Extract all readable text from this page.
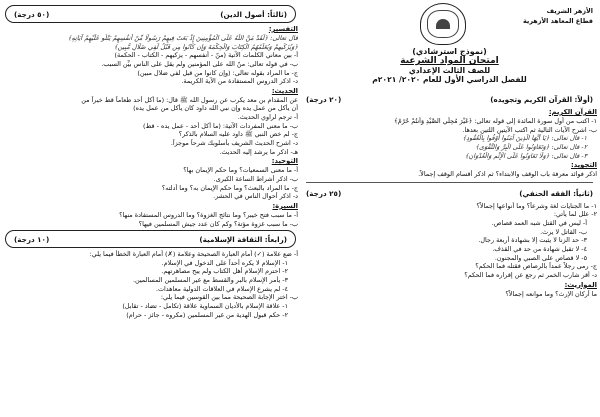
الأزهر الشريف

قطاع المعاهد الأزهرية

(نموذج استرشادي)

امتحان المواد الشرعية

للصف الثالث الإعدادي

للفصل الدراسي الأول للعام ٢٠٢٠/ ٢٠٢١م

(أولاً: القرآن الكريم وتجويده)
(٢٠ درجة)

القرآن الكريم:

١- اكتب من أول سورة المائدة إلى قوله تعالى: ﴿غَيْرَ مُحِلِّي الصَّيْدِ وَأَنتُمْ حُرُمٌ﴾

ب- اشرح الآيات التالية ثم اكتب الآيتين اللتين بعدها.

١- قال تعالى: ﴿يَا أَيُّهَا الَّذِينَ آمَنُوا أَوْفُوا بِالْعُقُودِ﴾

٢- قال تعالى: ﴿وَتَعَاوَنُوا عَلَى الْبِرِّ وَالتَّقْوَى﴾

٣- قال تعالى: ﴿وَلَا تَعَاوَنُوا عَلَى الْإِثْمِ وَالْعُدْوَانِ﴾

التجويد:

اذكر فوائد معرفة باب الوقف والابتداء؟ ثم اذكر أقسام الوقف إجمالاً.

(ثانياً: الفقه الحنفي)
(٢٥ درجة)

١- ما الجنايات لغة وشرعاً؟ وما أنواعها إجمالاً؟

٢- علل لما يأتي:

أ- ليس في القتل شبه العمد قصاص.

ب- القاتل لا يرث.

٣- حد الزنا لا يثبت إلا بشهادة أربعة رجال.

٤- لا تقبل شهادة من حد في القذف.

٥- لا قصاص على الصبي والمجنون.

ج- رمى رجلاً عمداً بالرصاص فقتله فما الحكم؟

د- أقر شارب الخمر ثم رجع عن إقراره فما الحكم؟

المواريث:

ما أركان الإرث؟ وما موانعه إجمالاً؟

(ثالثاً: أصول الدين)
(٥٠ درجة)

التفسير:

قال تعالى: ﴿لَقَدْ مَنَّ اللَّهُ عَلَى الْمُؤْمِنِينَ إِذْ بَعَثَ فِيهِمْ رَسُولًا مِّنْ أَنفُسِهِمْ يَتْلُو عَلَيْهِمْ آيَاتِهِ﴾

﴿وَيُزَكِّيهِمْ وَيُعَلِّمُهُمُ الْكِتَابَ وَالْحِكْمَةَ وَإِن كَانُوا مِن قَبْلُ لَفِي ضَلَالٍ مُّبِينٍ﴾

أ- بين معاني الكلمات الآتية (منّ - أنفسهم - يزكيهم - الكتاب - الحكمة)

ب- في قوله تعالى: منّ الله على المؤمنين ولم يقل على الناس بيِّن السبب.

ج- ما المراد بقوله تعالى: (وإن كانوا من قبل لفي ضلال مبين)

د- اذكر الدروس المستفادة من الآية الكريمة.

الحديث:

عن المقدام بن معد يكرب عن رسول الله ﷺ قال: (ما أكل أحد طعاماً قط خيراً من

أن يأكل من عمل يده وإن نبي الله داود كان يأكل من عمل يده)

أ- ترجم لراوي الحديث.

ب- ما معنى المفردات الآتية: (ما أكل أحد - عمل يده - قط)

ج- لم خص النبي ﷺ داود عليه السلام بالذكر؟

د- اشرح الحديث الشريف بأسلوبك شرحاً موجزاً.

هـ- اذكر ما يرشد إليه الحديث.

التوحيد:

أ- ما معنى السمعيات؟ وما حكم الإيمان بها؟

ب- اذكر أشراط الساعة الكبرى.

ج- ما المراد بالبعث؟ وما حكم الإيمان به؟ وما أدلته؟

د- اذكر أحوال الناس في الحشر.

السيرة:

أ- ما سبب فتح خيبر؟ وما نتائج الغزوة؟ وما الدروس المستفادة منها؟

ب- ما سبب غزوة مؤتة؟ وكم كان عدد جيش المسلمين فيها؟

(رابعاً: الثقافة الإسلامية)
(١٠ درجة)

أ- ضع علامة (✓) أمام العبارة الصحيحة وعلامة (✗) أمام العبارة الخطأ فيما يلي:

١- الإسلام لا يكره أحداً على الدخول في الإسلام.

٢- احترم الإسلام أهل الكتاب ولم يبح مصاهرتهم.

٣- يأمر الإسلام بالبر والقسط مع غير المسلمين المسالمين.

٤- لم يشرع الإسلام في العلاقات الدولية معاهدات.

ب- اختر الإجابة الصحيحة مما بين القوسين فيما يلي:

١- علاقة الإسلام بالأديان السماوية علاقة (تكامل - تضاد - تقابل)

٢- حكم قبول الهدية من غير المسلمين (مكروه - جائز - حرام)
